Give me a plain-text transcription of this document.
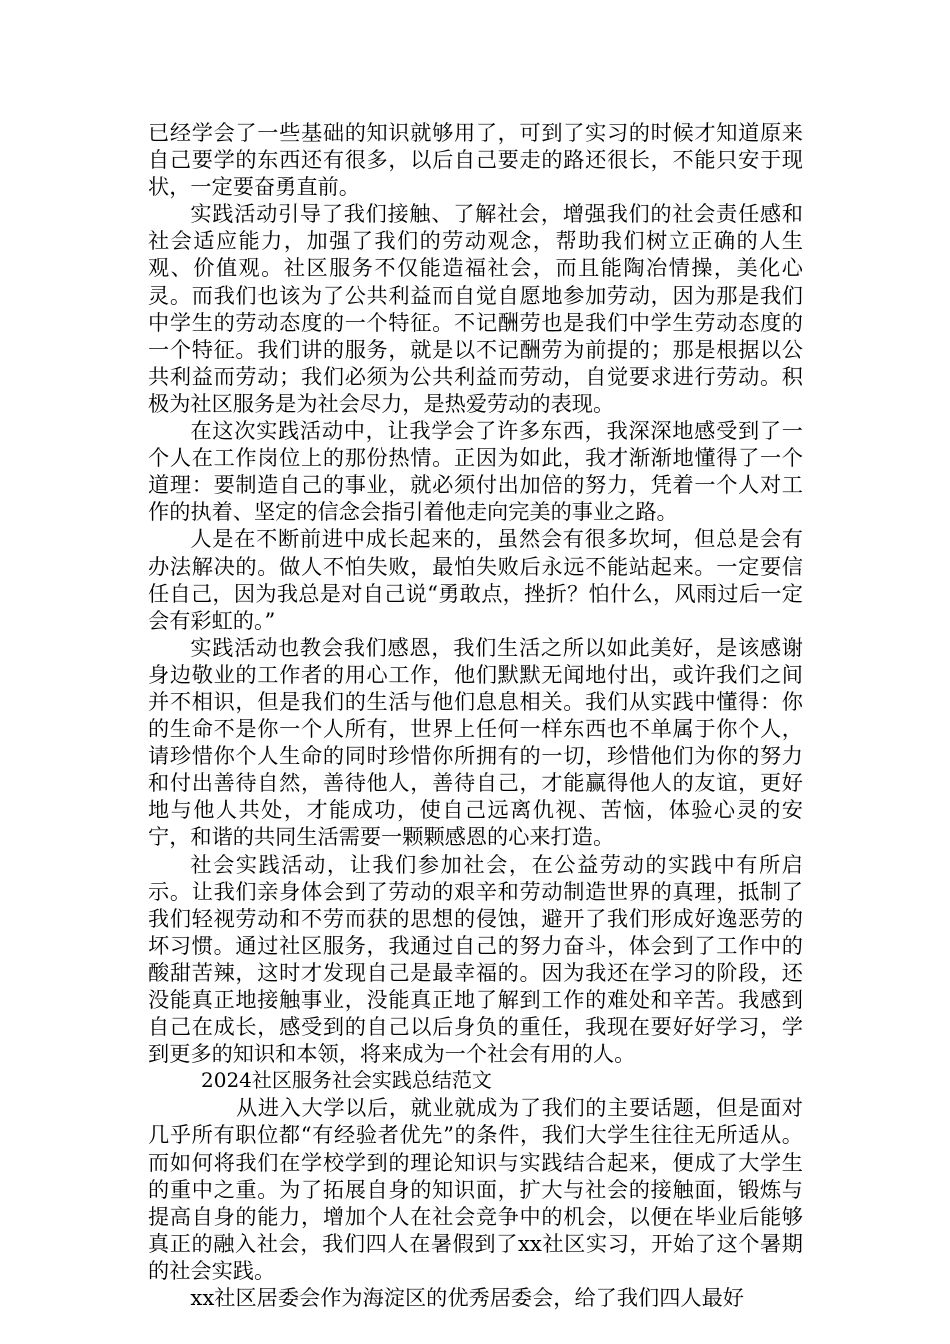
已经学会了一些基础的知识就够用了，可到了实习的时候才知道原来自己要学的东西还有很多，以后自己要走的路还很长，不能只安于现状，一定要奋勇直前。

实践活动引导了我们接触、了解社会，增强我们的社会责任感和社会适应能力，加强了我们的劳动观念，帮助我们树立正确的人生观、价值观。社区服务不仅能造福社会，而且能陶冶情操，美化心灵。而我们也该为了公共利益而自觉自愿地参加劳动，因为那是我们中学生的劳动态度的一个特征。不记酬劳也是我们中学生劳动态度的一个特征。我们讲的服务，就是以不记酬劳为前提的；那是根据以公共利益而劳动；我们必须为公共利益而劳动，自觉要求进行劳动。积极为社区服务是为社会尽力，是热爱劳动的表现。

在这次实践活动中，让我学会了许多东西，我深深地感受到了一个人在工作岗位上的那份热情。正因为如此，我才渐渐地懂得了一个道理：要制造自己的事业，就必须付出加倍的努力，凭着一个人对工作的执着、坚定的信念会指引着他走向完美的事业之路。

人是在不断前进中成长起来的，虽然会有很多坎坷，但总是会有办法解决的。做人不怕失败，最怕失败后永远不能站起来。一定要信任自己，因为我总是对自己说“勇敢点，挫折？怕什么，风雨过后一定会有彩虹的。”

实践活动也教会我们感恩，我们生活之所以如此美好，是该感谢身边敬业的工作者的用心工作，他们默默无闻地付出，或许我们之间并不相识，但是我们的生活与他们息息相关。我们从实践中懂得：你的生命不是你一个人所有，世界上任何一样东西也不单属于你个人，请珍惜你个人生命的同时珍惜你所拥有的一切，珍惜他们为你的努力和付出善待自然，善待他人，善待自己，才能赢得他人的友谊，更好地与他人共处，才能成功，使自己远离仇视、苦恼，体验心灵的安宁，和谐的共同生活需要一颗颗感恩的心来打造。

社会实践活动，让我们参加社会，在公益劳动的实践中有所启示。让我们亲身体会到了劳动的艰辛和劳动制造世界的真理，抵制了我们轻视劳动和不劳而获的思想的侵蚀，避开了我们形成好逸恶劳的坏习惯。通过社区服务，我通过自己的努力奋斗，体会到了工作中的酸甜苦辣，这时才发现自己是最幸福的。因为我还在学习的阶段，还没能真正地接触事业，没能真正地了解到工作的难处和辛苦。我感到自己在成长，感受到的自己以后身负的重任，我现在要好好学习，学到更多的知识和本领，将来成为一个社会有用的人。

2024社区服务社会实践总结范文

从进入大学以后，就业就成为了我们的主要话题，但是面对几乎所有职位都“有经验者优先”的条件，我们大学生往往无所适从。而如何将我们在学校学到的理论知识与实践结合起来，便成了大学生的重中之重。为了拓展自身的知识面，扩大与社会的接触面，锻炼与提高自身的能力，增加个人在社会竞争中的机会，以便在毕业后能够真正的融入社会，我们四人在暑假到了xx社区实习，开始了这个暑期的社会实践。

xx社区居委会作为海淀区的优秀居委会，给了我们四人最好
